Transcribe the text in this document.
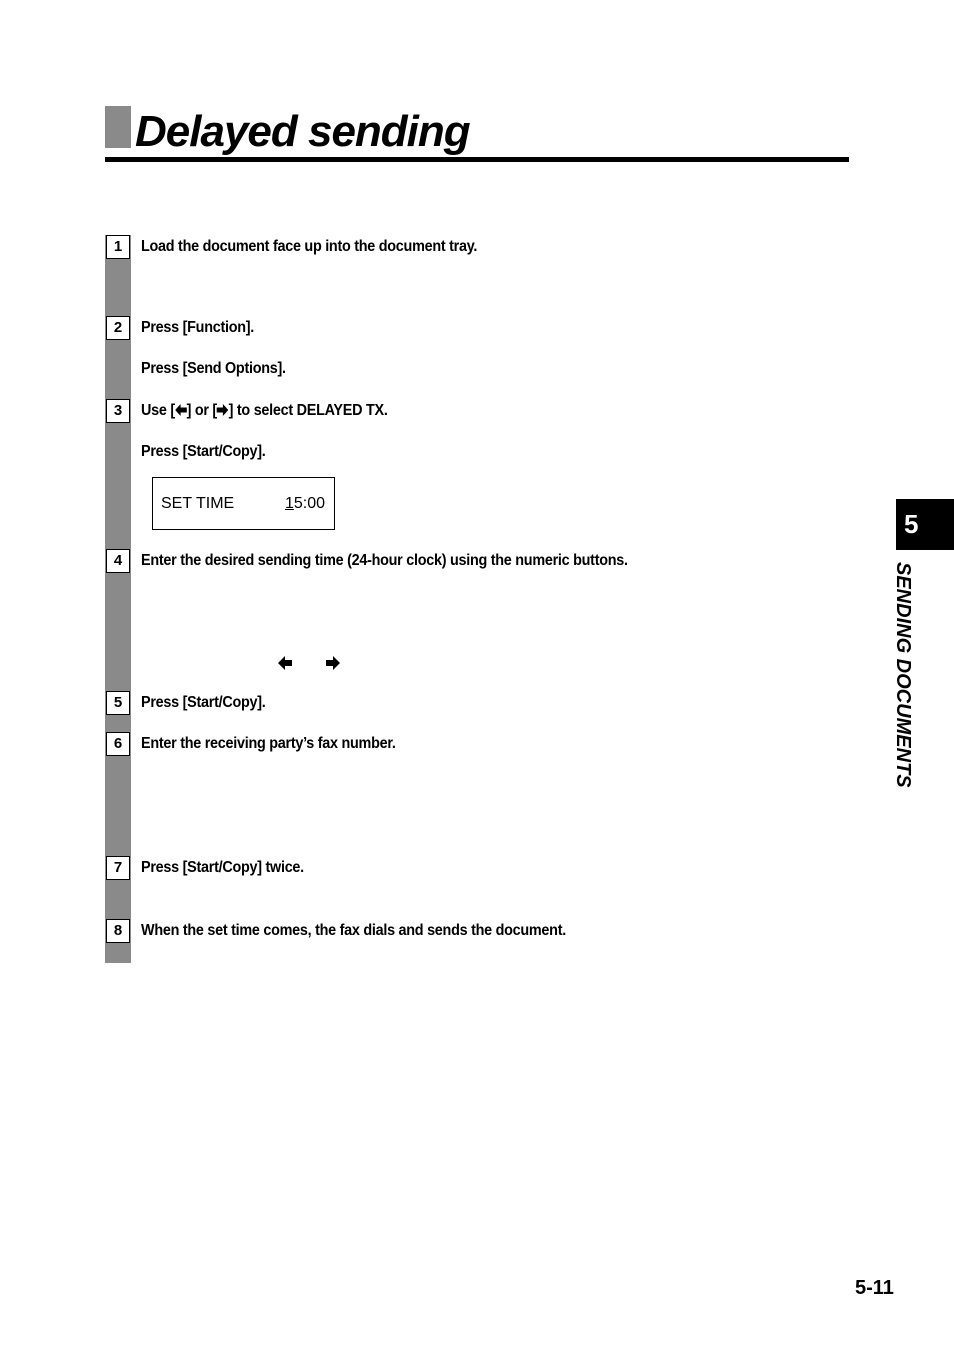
Delayed sending
1
2
3
4
5
6
7
8
Load the document face up into the document tray.
Press [Function].
Press [Send Options].
Use [ ] or [ ] to select DELAYED TX.
Press [Start/Copy].
SET TIME	15:00
Enter the desired sending time (24-hour clock) using the numeric buttons.
Press [Start/Copy].
Enter the receiving party’s fax number.
Press [Start/Copy] twice.
When the set time comes, the fax dials and sends the document.
5
SENDING DOCUMENTS
5-11
